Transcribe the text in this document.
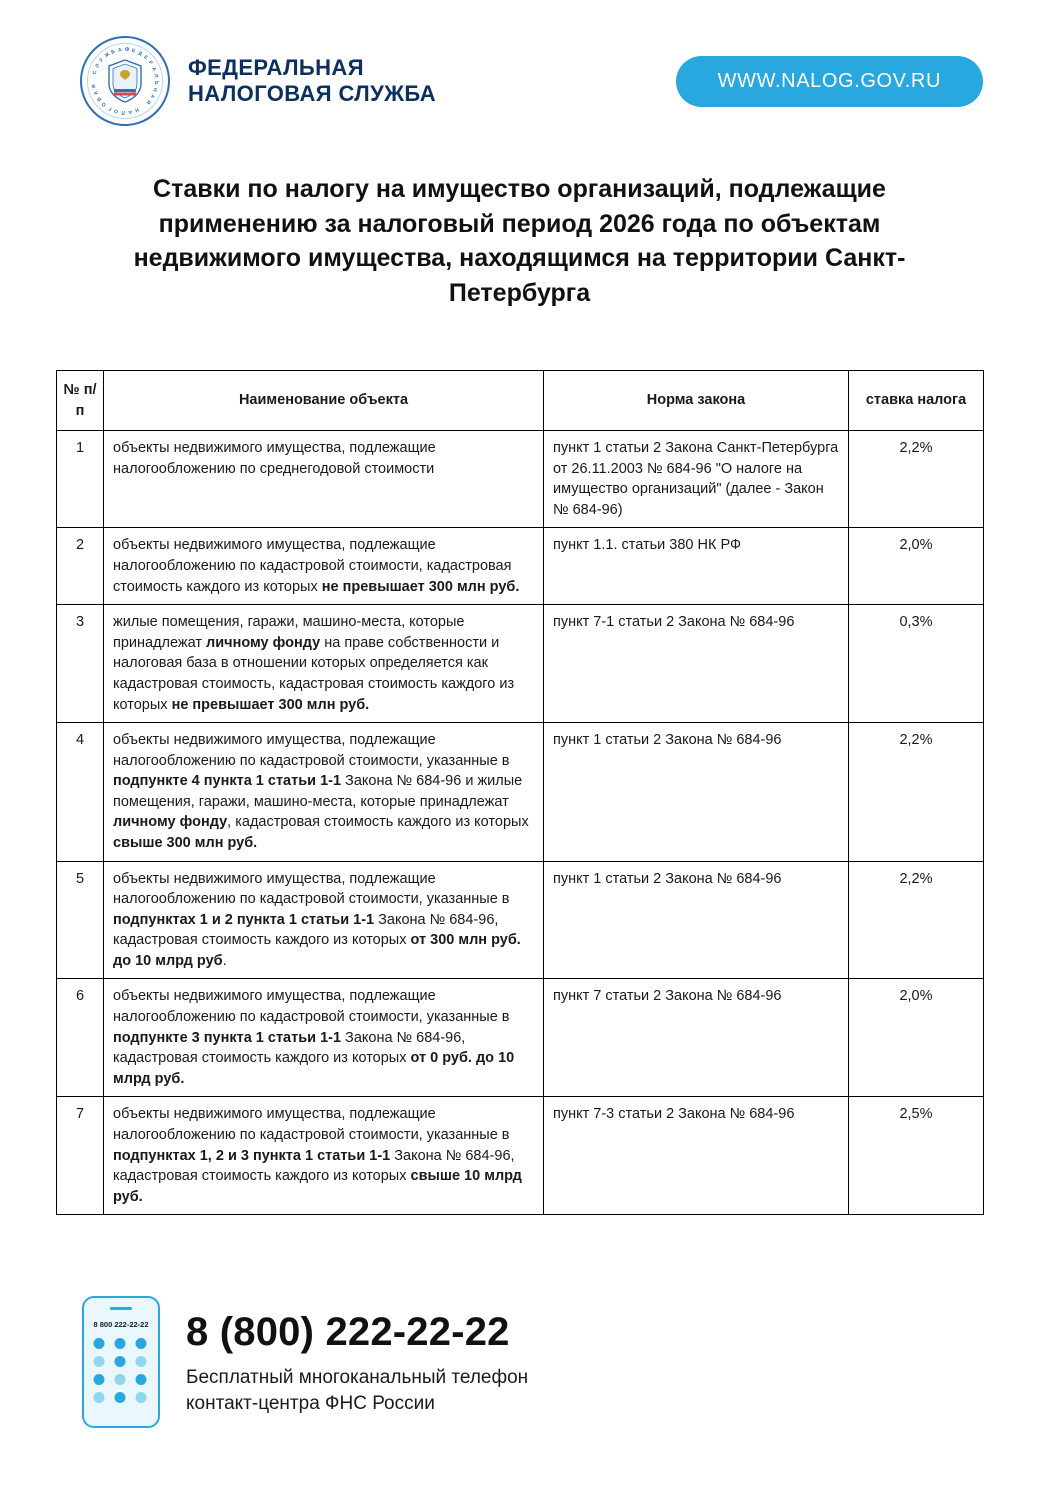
Ф Е Д
Е
Р
А
Л
Ь
Н
А
Я

Н
А
Л
О
Г
О
В
А
Я

С
Л
У
Ж
Б А
ФЕДЕРАЛЬНАЯ
НАЛОГОВАЯ СЛУЖБА
WWW.NALOG.GOV.RU
Ставки по налогу на имущество организаций, подлежащие применению за налоговый период 2026 года по объектам недвижимого имущества, находящимся на территории Санкт-Петербурга
№ п/п	Наименование объекта	Норма закона	ставка налога
1	объекты недвижимого имущества, подлежащие налогообложению по среднегодовой стоимости	пункт 1 статьи 2 Закона Санкт-Петербурга от 26.11.2003 № 684-96 "О налоге на имущество организаций" (далее - Закон № 684-96)	2,2%
2	объекты недвижимого имущества, подлежащие налогообложению по кадастровой стоимости, кадастровая стоимость каждого из которых не превышает 300 млн руб.	пункт 1.1. статьи 380 НК РФ	2,0%
3	жилые помещения, гаражи, машино-места, которые принадлежат личному фонду на праве собственности и налоговая база в отношении которых определяется как кадастровая стоимость, кадастровая стоимость каждого из которых не превышает 300 млн руб.	пункт 7-1 статьи 2 Закона № 684-96	0,3%
4	объекты недвижимого имущества, подлежащие налогообложению по кадастровой стоимости, указанные в подпункте 4 пункта 1 статьи 1-1 Закона № 684-96 и жилые помещения, гаражи, машино-места, которые принадлежат личному фонду, кадастровая стоимость каждого из которых свыше 300 млн руб.	пункт 1 статьи 2 Закона № 684-96	2,2%
5	объекты недвижимого имущества, подлежащие налогообложению по кадастровой стоимости, указанные в подпунктах 1 и 2 пункта 1 статьи 1-1 Закона № 684-96, кадастровая стоимость каждого из которых от 300 млн руб. до 10 млрд руб.	пункт 1 статьи 2 Закона № 684-96	2,2%
6	объекты недвижимого имущества, подлежащие налогообложению по кадастровой стоимости, указанные в подпункте 3 пункта 1 статьи 1-1 Закона № 684-96, кадастровая стоимость каждого из которых от 0 руб. до 10 млрд руб.	пункт 7 статьи 2 Закона № 684-96	2,0%
7	объекты недвижимого имущества, подлежащие налогообложению по кадастровой стоимости, указанные в подпунктах 1, 2 и 3 пункта 1 статьи 1-1 Закона № 684-96, кадастровая стоимость каждого из которых свыше 10 млрд руб.	пункт 7-3 статьи 2 Закона № 684-96	2,5%
8 800 222-22-22 8 (800) 222-22-22
Бесплатный многоканальный телефон
контакт-центра ФНС России
